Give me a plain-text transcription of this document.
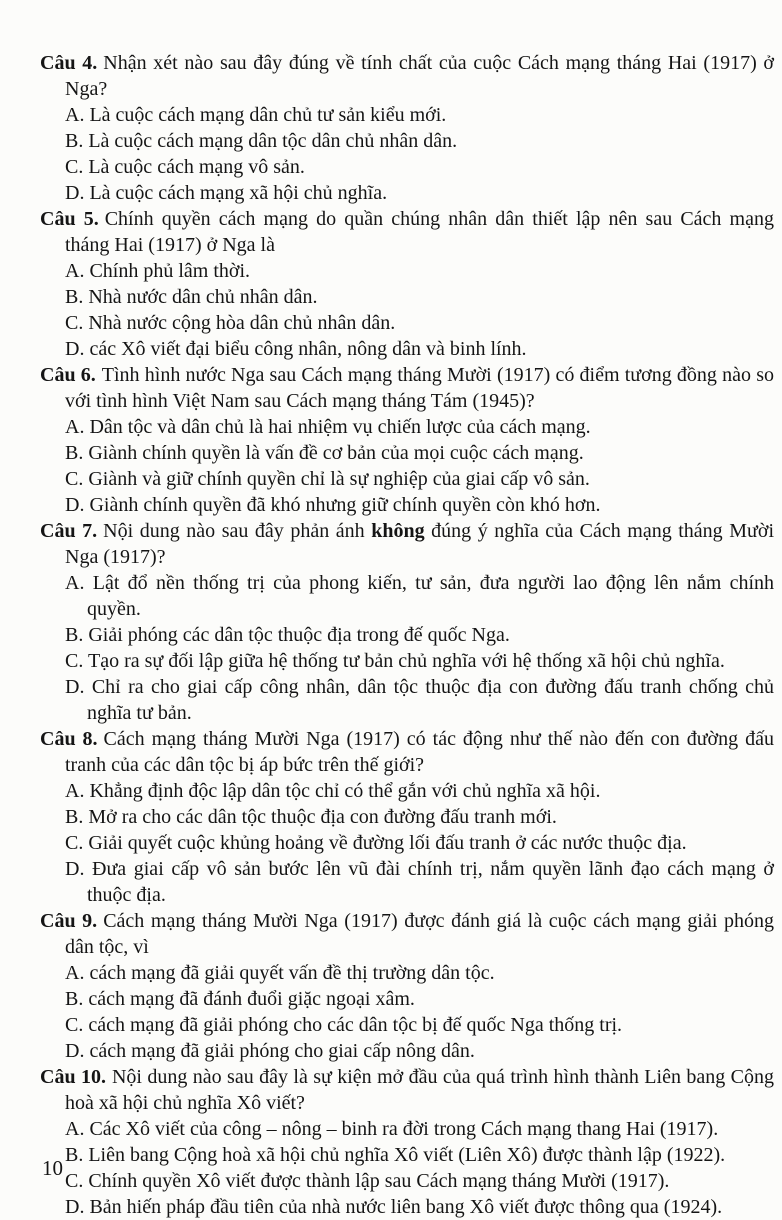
Câu 4. Nhận xét nào sau đây đúng về tính chất của cuộc Cách mạng tháng Hai (1917) ở Nga?

A. Là cuộc cách mạng dân chủ tư sản kiểu mới.
B. Là cuộc cách mạng dân tộc dân chủ nhân dân.
C. Là cuộc cách mạng vô sản.
D. Là cuộc cách mạng xã hội chủ nghĩa.

Câu 5. Chính quyền cách mạng do quần chúng nhân dân thiết lập nên sau Cách mạng tháng Hai (1917) ở Nga là

A. Chính phủ lâm thời.
B. Nhà nước dân chủ nhân dân.
C. Nhà nước cộng hòa dân chủ nhân dân.
D. các Xô viết đại biểu công nhân, nông dân và binh lính.

Câu 6. Tình hình nước Nga sau Cách mạng tháng Mười (1917) có điểm tương đồng nào so với tình hình Việt Nam sau Cách mạng tháng Tám (1945)?

A. Dân tộc và dân chủ là hai nhiệm vụ chiến lược của cách mạng.
B. Giành chính quyền là vấn đề cơ bản của mọi cuộc cách mạng.
C. Giành và giữ chính quyền chỉ là sự nghiệp của giai cấp vô sản.
D. Giành chính quyền đã khó nhưng giữ chính quyền còn khó hơn.

Câu 7. Nội dung nào sau đây phản ánh không đúng ý nghĩa của Cách mạng tháng Mười Nga (1917)?

A. Lật đổ nền thống trị của phong kiến, tư sản, đưa người lao động lên nắm chính quyền.
B. Giải phóng các dân tộc thuộc địa trong đế quốc Nga.
C. Tạo ra sự đối lập giữa hệ thống tư bản chủ nghĩa với hệ thống xã hội chủ nghĩa.
D. Chỉ ra cho giai cấp công nhân, dân tộc thuộc địa con đường đấu tranh chống chủ nghĩa tư bản.

Câu 8. Cách mạng tháng Mười Nga (1917) có tác động như thế nào đến con đường đấu tranh của các dân tộc bị áp bức trên thế giới?

A. Khẳng định độc lập dân tộc chỉ có thể gắn với chủ nghĩa xã hội.
B. Mở ra cho các dân tộc thuộc địa con đường đấu tranh mới.
C. Giải quyết cuộc khủng hoảng về đường lối đấu tranh ở các nước thuộc địa.
D. Đưa giai cấp vô sản bước lên vũ đài chính trị, nắm quyền lãnh đạo cách mạng ở thuộc địa.

Câu 9. Cách mạng tháng Mười Nga (1917) được đánh giá là cuộc cách mạng giải phóng dân tộc, vì

A. cách mạng đã giải quyết vấn đề thị trường dân tộc.
B. cách mạng đã đánh đuổi giặc ngoại xâm.
C. cách mạng đã giải phóng cho các dân tộc bị đế quốc Nga thống trị.
D. cách mạng đã giải phóng cho giai cấp nông dân.

Câu 10. Nội dung nào sau đây là sự kiện mở đầu của quá trình hình thành Liên bang Cộng hoà xã hội chủ nghĩa Xô viết?

A. Các Xô viết của công – nông – binh ra đời trong Cách mạng thang Hai (1917).
B. Liên bang Cộng hoà xã hội chủ nghĩa Xô viết (Liên Xô) được thành lập (1922).
C. Chính quyền Xô viết được thành lập sau Cách mạng tháng Mười (1917).
D. Bản hiến pháp đầu tiên của nhà nước liên bang Xô viết được thông qua (1924).
10
